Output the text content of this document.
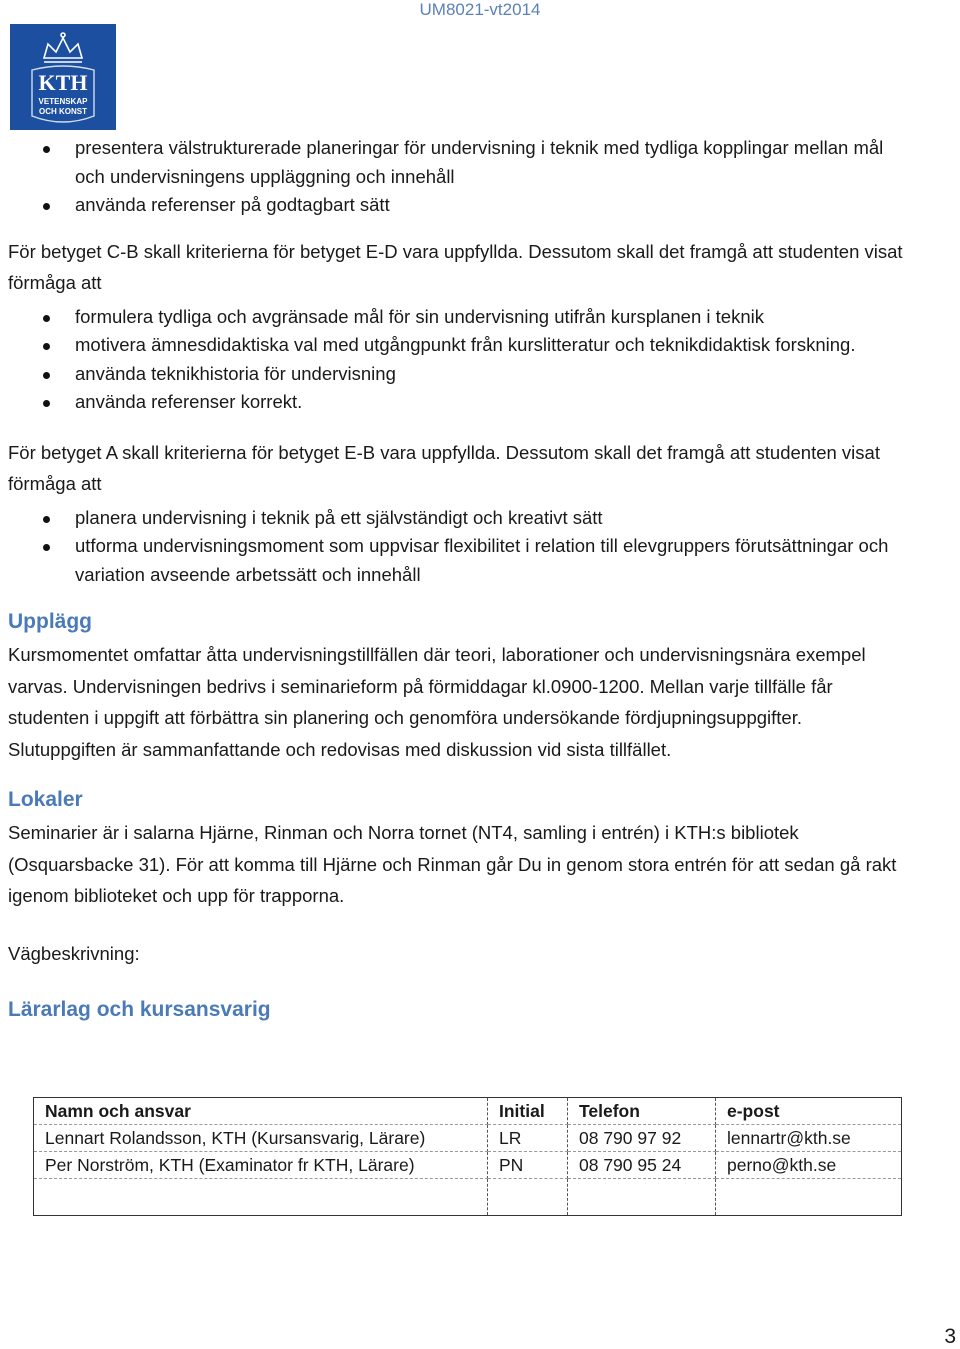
UM8021-vt2014
KTH
VETENSKAP
OCH KONST
presentera välstrukturerade planeringar för undervisning i teknik med tydliga kopplingar mellan mål och undervisningens uppläggning och innehåll
använda referenser på godtagbart sätt

För betyget C-B skall kriterierna för betyget E-D vara uppfyllda. Dessutom skall det framgå att studenten visat förmåga att

formulera tydliga och avgränsade mål för sin undervisning utifrån kursplanen i teknik
motivera ämnesdidaktiska val med utgångpunkt från kurslitteratur och teknikdidaktisk forskning.
använda teknikhistoria för undervisning
använda referenser korrekt.

För betyget A skall kriterierna för betyget E-B vara uppfyllda. Dessutom skall det framgå att studenten visat förmåga att

planera undervisning i teknik på ett självständigt och kreativt sätt
utforma undervisningsmoment som uppvisar flexibilitet i relation till elevgruppers förutsättningar och variation avseende arbetssätt och innehåll
Upplägg

Kursmomentet omfattar åtta undervisningstillfällen där teori, laborationer och undervisningsnära exempel varvas. Undervisningen bedrivs i seminarieform på förmiddagar kl.0900-1200. Mellan varje tillfälle får studenten i uppgift att förbättra sin planering och genomföra undersökande fördjupningsuppgifter. Slutuppgiften är sammanfattande och redovisas med diskussion vid sista tillfället.

Lokaler

Seminarier är i salarna Hjärne, Rinman och Norra tornet (NT4, samling i entrén) i KTH:s bibliotek (Osquarsbacke 31). För att komma till Hjärne och Rinman går Du in genom stora entrén för att sedan gå rakt igenom biblioteket och upp för trapporna.

Vägbeskrivning:

Lärarlag och kursansvarig
Namn och ansvar	Initial	Telefon	e-post
Lennart Rolandsson, KTH (Kursansvarig, Lärare)	LR	08 790 97 92	lennartr@kth.se
Per Norström, KTH (Examinator fr KTH, Lärare)	PN	08 790 95 24	perno@kth.se

3
